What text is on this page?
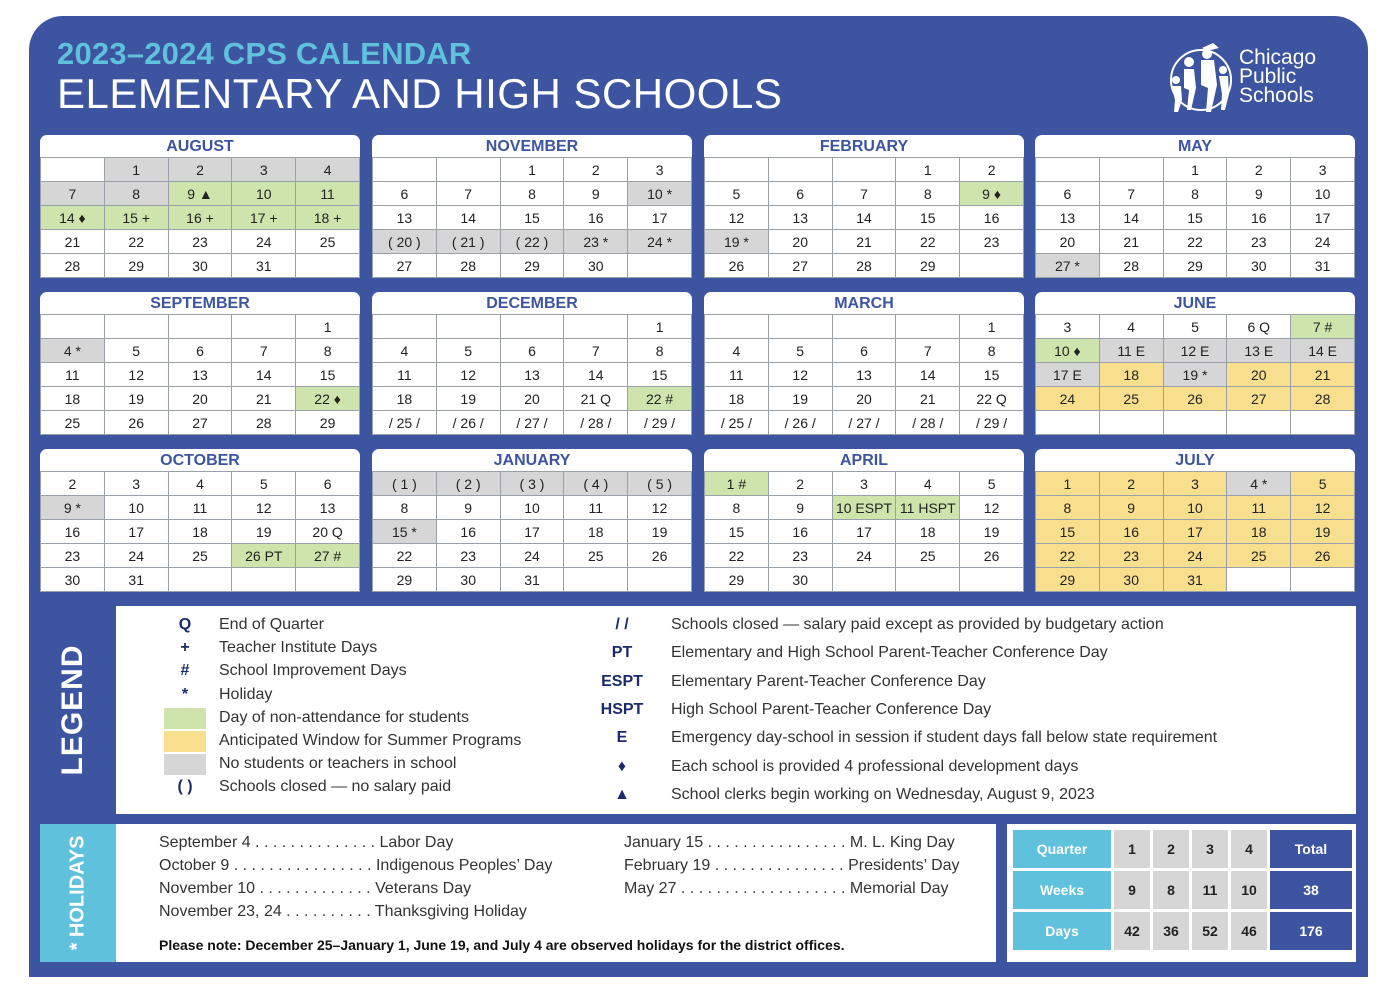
2023–2024 CPS CALENDAR
ELEMENTARY AND HIGH SCHOOLS
Chicago
Public
Schools
AUGUST
	1	2	3	4
7	8	9 ▲	10	11
14 ♦	15 +	16 +	17 +	18 +
21	22	23	24	25
28	29	30	31	
NOVEMBER
		1	2	3
6	7	8	9	10 *
13	14	15	16	17
( 20 )	( 21 )	( 22 )	23 *	24 *
27	28	29	30	
FEBRUARY
			1	2
5	6	7	8	9 ♦
12	13	14	15	16
19 *	20	21	22	23
26	27	28	29	
MAY
		1	2	3
6	7	8	9	10
13	14	15	16	17
20	21	22	23	24
27 *	28	29	30	31
SEPTEMBER
				1
4 *	5	6	7	8
11	12	13	14	15
18	19	20	21	22 ♦
25	26	27	28	29
DECEMBER
				1
4	5	6	7	8
11	12	13	14	15
18	19	20	21 Q	22 #
/ 25 /	/ 26 /	/ 27 /	/ 28 /	/ 29 /
MARCH
				1
4	5	6	7	8
11	12	13	14	15
18	19	20	21	22 Q
/ 25 /	/ 26 /	/ 27 /	/ 28 /	/ 29 /
JUNE
3	4	5	6 Q	7 #
10 ♦	11 E	12 E	13 E	14 E
17 E	18	19 *	20	21
24	25	26	27	28

OCTOBER
2	3	4	5	6
9 *	10	11	12	13
16	17	18	19	20 Q
23	24	25	26 PT	27 #
30	31			
JANUARY
( 1 )	( 2 )	( 3 )	( 4 )	( 5 )
8	9	10	11	12
15 *	16	17	18	19
22	23	24	25	26
29	30	31		
APRIL
1 #	2	3	4	5
8	9	10 ESPT	11 HSPT	12
15	16	17	18	19
22	23	24	25	26
29	30			
JULY
1	2	3	4 *	5
8	9	10	11	12
15	16	17	18	19
22	23	24	25	26
29	30	31		
LEGEND
Q	End of Quarter
+	Teacher Institute Days
#	School Improvement Days
*	Holiday
Day of non-attendance for students
Anticipated Window for Summer Programs
No students or teachers in school
( )	Schools closed — no salary paid
/ /	Schools closed — salary paid except as provided by budgetary action
PT	Elementary and High School Parent-Teacher Conference Day
ESPT	Elementary Parent-Teacher Conference Day
HSPT	High School Parent-Teacher Conference Day
E	Emergency day-school in session if student days fall below state requirement
♦	Each school is provided 4 professional development days
▲	School clerks begin working on Wednesday, August 9, 2023
* HOLIDAYS	Please note: December 25–January 1, June 19, and July 4 are observed holidays for the district offices.
September 4 . . . . . . . . . . . . . . Labor Day
October 9 . . . . . . . . . . . . . . . . Indigenous Peoples’ Day
November 10 . . . . . . . . . . . . . Veterans Day
November 23, 24 . . . . . . . . . . Thanksgiving Holiday
January 15 . . . . . . . . . . . . . . . . M. L. King Day
February 19 . . . . . . . . . . . . . . . Presidents’ Day
May 27 . . . . . . . . . . . . . . . . . . . Memorial Day
Quarter	1	2	3	4	Total
Weeks	9	8	11	10	38
Days	42	36	52	46	176
